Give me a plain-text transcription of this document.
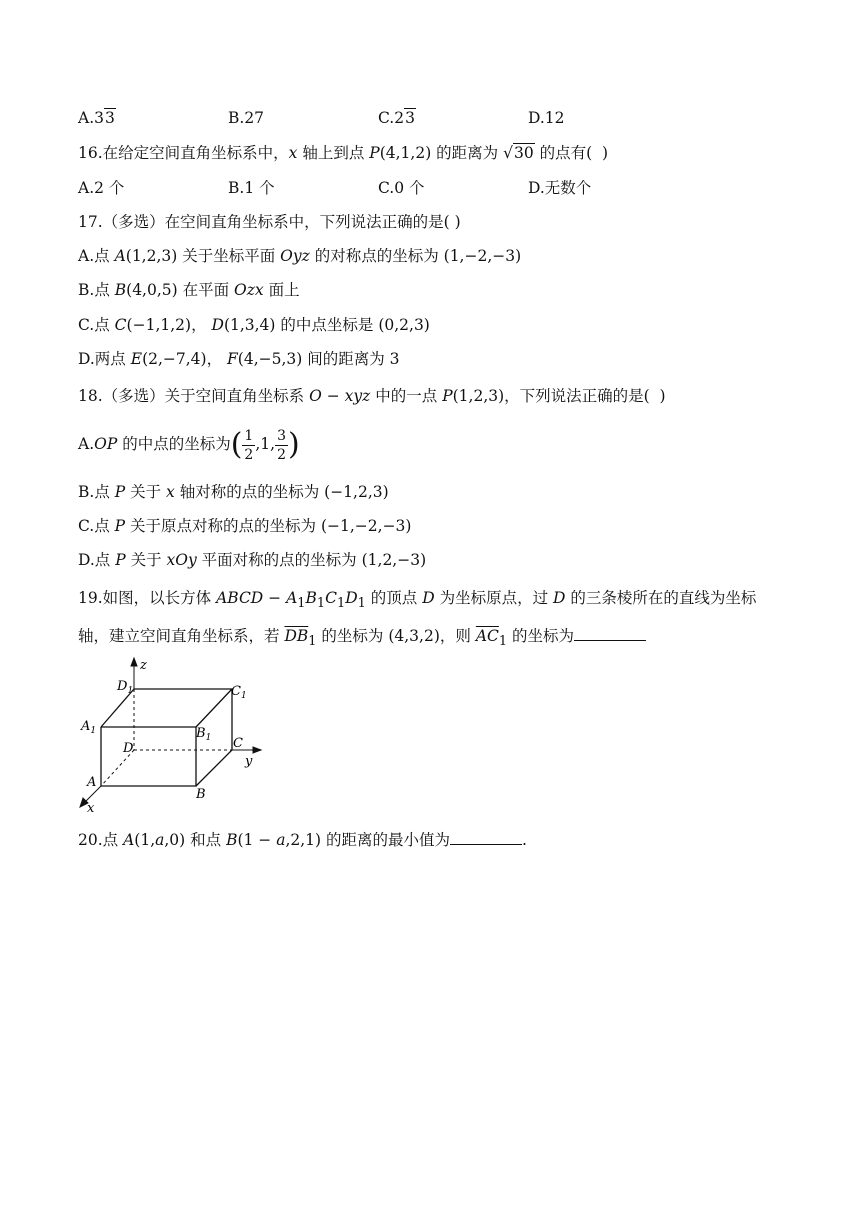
A.33	B.27	C.23	D.12
16.在给定空间直角坐标系中，x 轴上到点 P(4,1,2) 的距离为 √30 的点有(  )
A.2 个	B.1 个	C.0 个	D.无数个
17.（多选）在空间直角坐标系中，下列说法正确的是( )
A.点 A(1,2,3) 关于坐标平面 Oyz 的对称点的坐标为 (1,−2,−3)
B.点 B(4,0,5) 在平面 Ozx 面上
C.点 C(−1,1,2)， D(1,3,4) 的中点坐标是 (0,2,3)
D.两点 E(2,−7,4)， F(4,−5,3) 间的距离为 3
18.（多选）关于空间直角坐标系 O − xyz 中的一点 P(1,2,3)，下列说法正确的是(  )
A.OP 的中点的坐标为( $\frac{1}{2} ,1$, $\frac{3}{2}$ )
B.点 P 关于 x 轴对称的点的坐标为 (−1,2,3)
C.点 P 关于原点对称的点的坐标为 (−1,−2,−3)
D.点 P 关于 xOy 平面对称的点的坐标为 (1,2,−3)
19.如图，以长方体 ABCD − $A_1B_1C_1D_1$ 的顶点 D 为坐标原点，过 D 的三条棱所在的直线为坐标
轴，建立空间直角坐标系，若 $\overline{DB}_1$ 的坐标为 (4,3,2)，则 $\overline{AC}_1$ 的坐标为
z
$D_1$	$C_1$
$A_1$	$B_1$
D	C
y
A
B
x
20.点 A(1,a,0) 和点 B(1 − a,2,1) 的距离的最小值为	.
